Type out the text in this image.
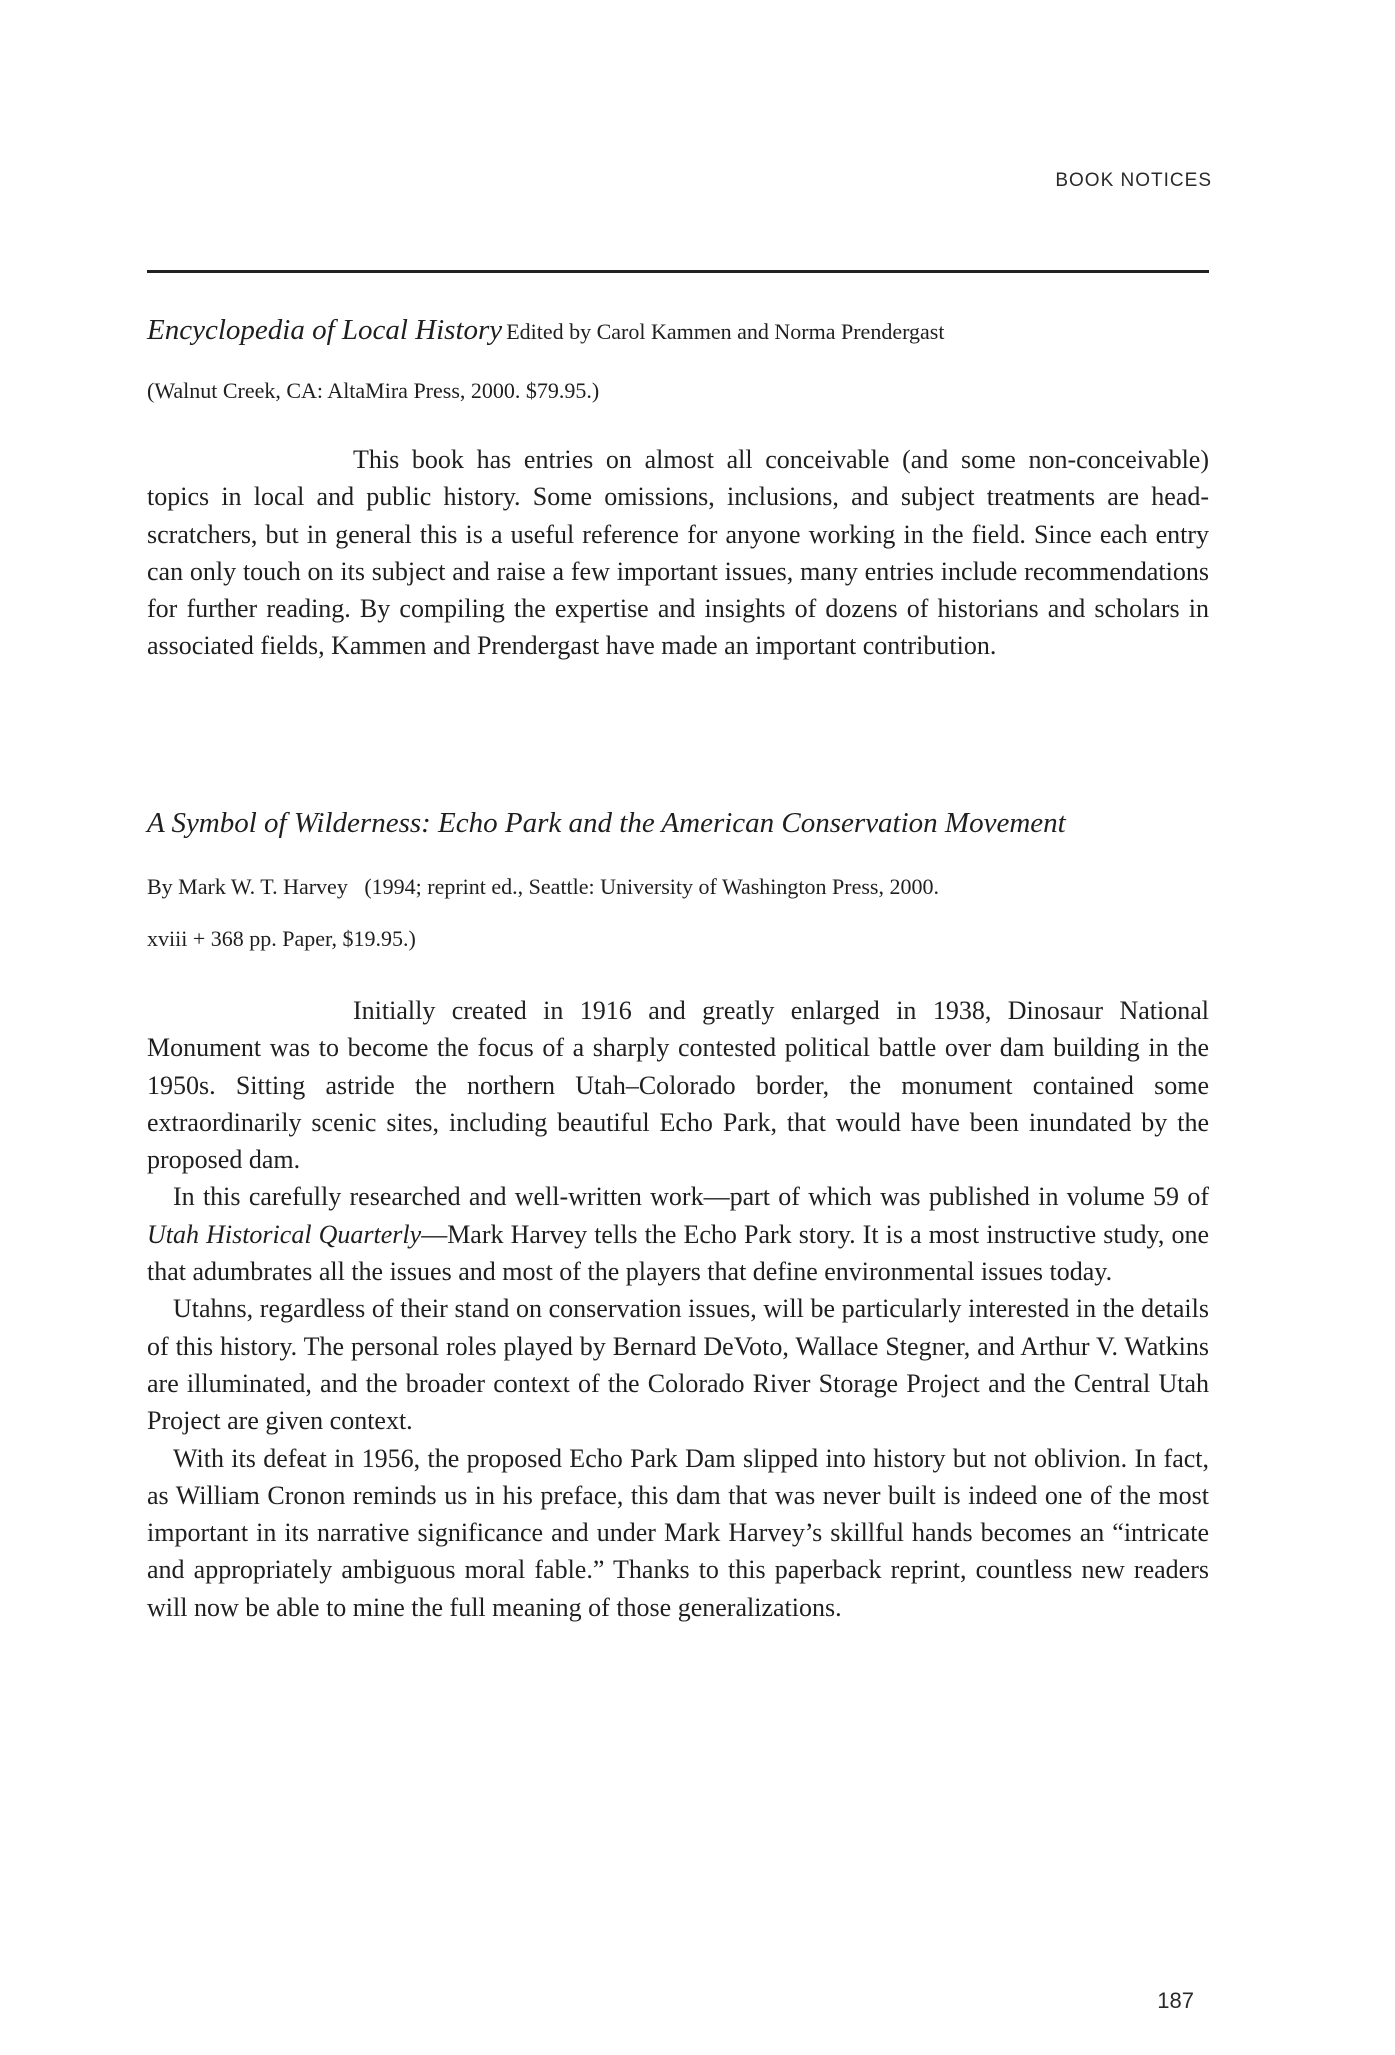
BOOK NOTICES
Encyclopedia of Local History Edited by Carol Kammen and Norma Prendergast
(Walnut Creek, CA: AltaMira Press, 2000. $79.95.)

This book has entries on almost all conceivable (and some non-conceivable) topics in local and public history. Some omissions, inclusions, and subject treatments are head-scratchers, but in general this is a useful reference for anyone working in the field. Since each entry can only touch on its subject and raise a few important issues, many entries include recommendations for further reading. By compiling the expertise and insights of dozens of historians and scholars in associated fields, Kammen and Prendergast have made an important contribution.

A Symbol of Wilderness: Echo Park and the American Conservation Movement
By Mark W. T. Harvey (1994; reprint ed., Seattle: University of Washington Press, 2000.
xviii + 368 pp. Paper, $19.95.)

Initially created in 1916 and greatly enlarged in 1938, Dinosaur National Monument was to become the focus of a sharply contested political battle over dam building in the 1950s. Sitting astride the northern Utah–Colorado border, the monument contained some extraordinarily scenic sites, including beautiful Echo Park, that would have been inundated by the proposed dam.

In this carefully researched and well-written work—part of which was published in volume 59 of Utah Historical Quarterly—Mark Harvey tells the Echo Park story. It is a most instructive study, one that adumbrates all the issues and most of the players that define environmental issues today.

Utahns, regardless of their stand on conservation issues, will be particularly interested in the details of this history. The personal roles played by Bernard DeVoto, Wallace Stegner, and Arthur V. Watkins are illuminated, and the broader context of the Colorado River Storage Project and the Central Utah Project are given context.

With its defeat in 1956, the proposed Echo Park Dam slipped into history but not oblivion. In fact, as William Cronon reminds us in his preface, this dam that was never built is indeed one of the most important in its narrative significance and under Mark Harvey’s skillful hands becomes an “intricate and appropriately ambiguous moral fable.” Thanks to this paperback reprint, countless new readers will now be able to mine the full meaning of those generalizations.

187
